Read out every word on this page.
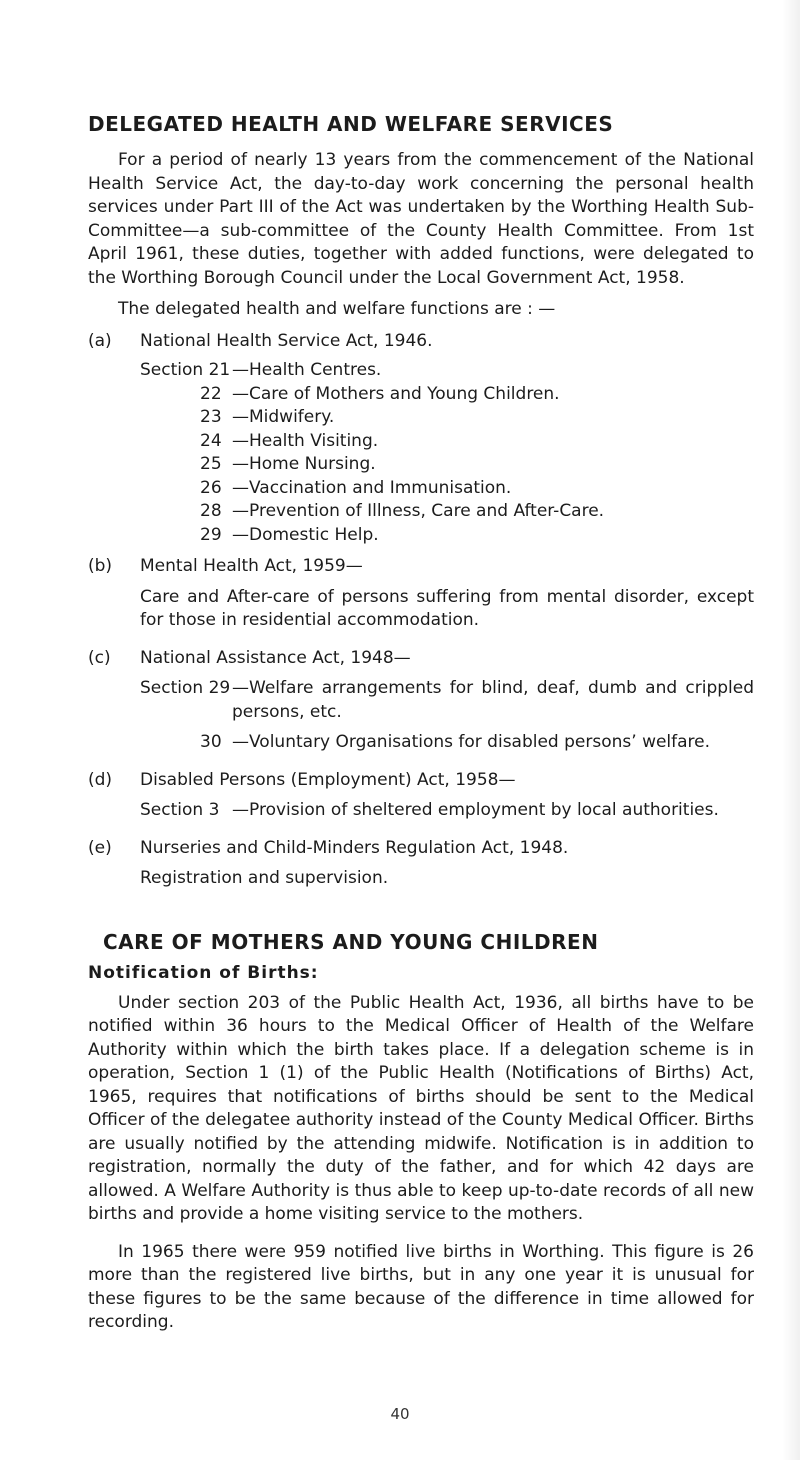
DELEGATED HEALTH AND WELFARE SERVICES

For a period of nearly 13 years from the commencement of the National Health Service Act, the day-to-day work concerning the personal health services under Part III of the Act was undertaken by the Worthing Health Sub-Committee—a sub-committee of the County Health Committee. From 1st April 1961, these duties, together with added functions, were delegated to the Worthing Borough Council under the Local Government Act, 1958.

The delegated health and welfare functions are : —

(a) National Health Service Act, 1946.
Section 21 —Health Centres.
22 —Care of Mothers and Young Children.
23 —Midwifery.
24 —Health Visiting.
25 —Home Nursing.
26 —Vaccination and Immunisation.
28 —Prevention of Illness, Care and After-Care.
29 —Domestic Help.
(b) Mental Health Act, 1959—

Care and After-care of persons suffering from mental disorder, except for those in residential accommodation.

(c) National Assistance Act, 1948—
Section 29 —Welfare arrangements for blind, deaf, dumb and crippled persons, etc.

30 —Voluntary Organisations for disabled persons’ welfare.

(d) Disabled Persons (Employment) Act, 1958—
Section 3 —Provision of sheltered employment by local authorities.

(e) Nurseries and Child-Minders Regulation Act, 1948.

Registration and supervision.

CARE OF MOTHERS AND YOUNG CHILDREN
Notification of Births:

Under section 203 of the Public Health Act, 1936, all births have to be notified within 36 hours to the Medical Officer of Health of the Welfare Authority within which the birth takes place. If a delegation scheme is in operation, Section 1 (1) of the Public Health (Notifications of Births) Act, 1965, requires that notifications of births should be sent to the Medical Officer of the delegatee authority instead of the County Medical Officer. Births are usually notified by the attending midwife. Notification is in addition to registration, normally the duty of the father, and for which 42 days are allowed. A Welfare Authority is thus able to keep up-to-date records of all new births and provide a home visiting service to the mothers.

In 1965 there were 959 notified live births in Worthing. This figure is 26 more than the registered live births, but in any one year it is unusual for these figures to be the same because of the difference in time allowed for recording.

40
